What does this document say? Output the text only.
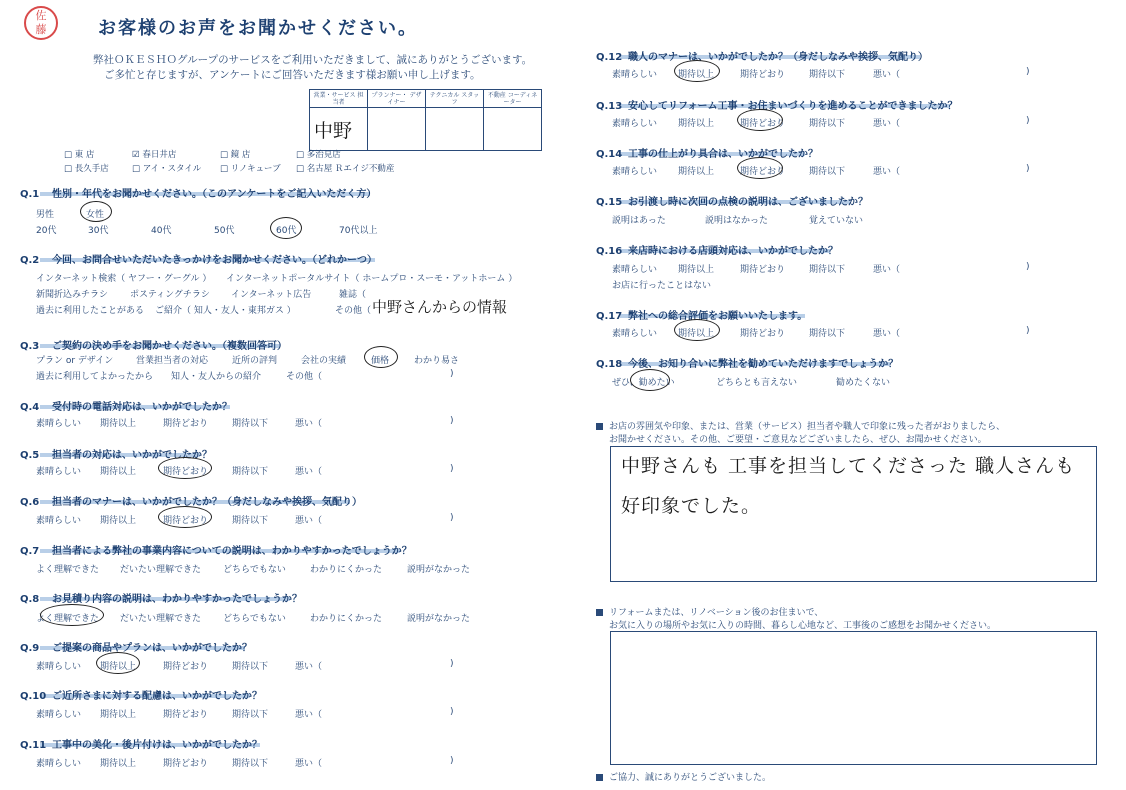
佐
藤	お客様のお声をお聞かせください。
弊社ＯＫＥＳＨＯグループのサービスをご利用いただきまして、誠にありがとうございます。
ご多忙と存じますが、アンケートにご回答いただきます様お願い申し上げます。
営業・サービス 担当者	プランナー・ デザイナー	テクニカル スタッフ	不動産 コーディネーター
中野			
□ 東 店	☑ 春日井店	□ 鏡 店	□ 多治見店
□ 長久手店	□ アイ・スタイル □ リノキューブ □ 名古屋 Ｒエイジ不動産
Q.1 性別・年代をお聞かせください。（このアンケートをご記入いただく方）
男性	女性
20代	30代	40代	50代	60代	70代以上
Q.2 今回、お問合せいただいたきっかけをお聞かせください。（どれかーつ）
インターネット検索（ ヤフー・グーグル ） インターネットポータルサイト（ ホームプロ・スーモ・アットホーム ）
新聞折込みチラシ ポスティングチラシ インターネット広告	雑誌（
過去に利用したことがある ご紹介（ 知人・友人・東邦ガス ）	その他（ 中野さんからの情報
Q.3 ご契約の決め手をお聞かせください。（複数回答可）
プラン or デザイン	営業担当者の対応	近所の評判	会社の実績	価格	わかり易さ
過去に利用してよかったから 知人・友人からの紹介	その他（	)
Q.4 受付時の電話対応は、いかがでしたか？
Q.5 担当者の対応は、いかがでしたか？
Q.6 担当者のマナーは、いかがでしたか？（身だしなみや挨拶、気配り）
Q.7 担当者による弊社の事業内容についての説明は、わかりやすかったでしょうか？
Q.8 お見積り内容の説明は、わかりやすかったでしょうか？
Q.9 ご提案の商品やプランは、いかがでしたか？
Q.10 ご近所さまに対する配慮は、いかがでしたか？
Q.11 工事中の美化・後片付けは、いかがでしたか？
Q.12 職人のマナーは、いかがでしたか？（身だしなみや挨拶、気配り）
Q.13 安心してリフォーム工事・お住まいづくりを進めることができましたか？
Q.14 工事の仕上がり具合は、いかがでしたか？
Q.15 お引渡し時に次回の点検の説明は、ございましたか？
説明はあった	説明はなかった	覚えていない
Q.16 来店時における店頭対応は、いかがでしたか？
お店に行ったことはない
Q.17 弊社への総合評価をお願いいたします。
Q.18 今後、お知り合いに弊社を勧めていただけますでしょうか？
ぜひ、勧めたい	どちらとも言えない	勧めたくない
お店の雰囲気や印象、または、営業（サービス）担当者や職人で印象に残った者がおりましたら、
お聞かせください。その他、ご要望・ご意見などございましたら、ぜひ、お聞かせください。
中野さんも 工事を担当してくださった 職人さんも
好印象でした。
リフォームまたは、リノベーション後のお住まいで、
お気に入りの場所やお気に入りの時間、暮らし心地など、工事後のご感想をお聞かせください。
ご協力、誠にありがとうございました。
素晴らしい 期待以上	期待どおり	期待以下	悪い（	)
素晴らしい 期待以上	期待どおり	期待以下	悪い（	)
素晴らしい 期待以上	期待どおり	期待以下	悪い（	)
よく理解できた だいたい理解できた どちらでもない	わかりにくかった	説明がなかった
よく理解できた だいたい理解できた どちらでもない	わかりにくかった	説明がなかった
素晴らしい 期待以上	期待どおり	期待以下	悪い（	)
素晴らしい 期待以上	期待どおり	期待以下	悪い（	)
素晴らしい 期待以上	期待どおり	期待以下	悪い（	)
素晴らしい 期待以上	期待どおり	期待以下	悪い（	)
素晴らしい 期待以上	期待どおり	期待以下	悪い（	)
素晴らしい 期待以上	期待どおり	期待以下	悪い（	)
素晴らしい 期待以上	期待どおり	期待以下	悪い（	)
素晴らしい 期待以上	期待どおり	期待以下	悪い（	)
